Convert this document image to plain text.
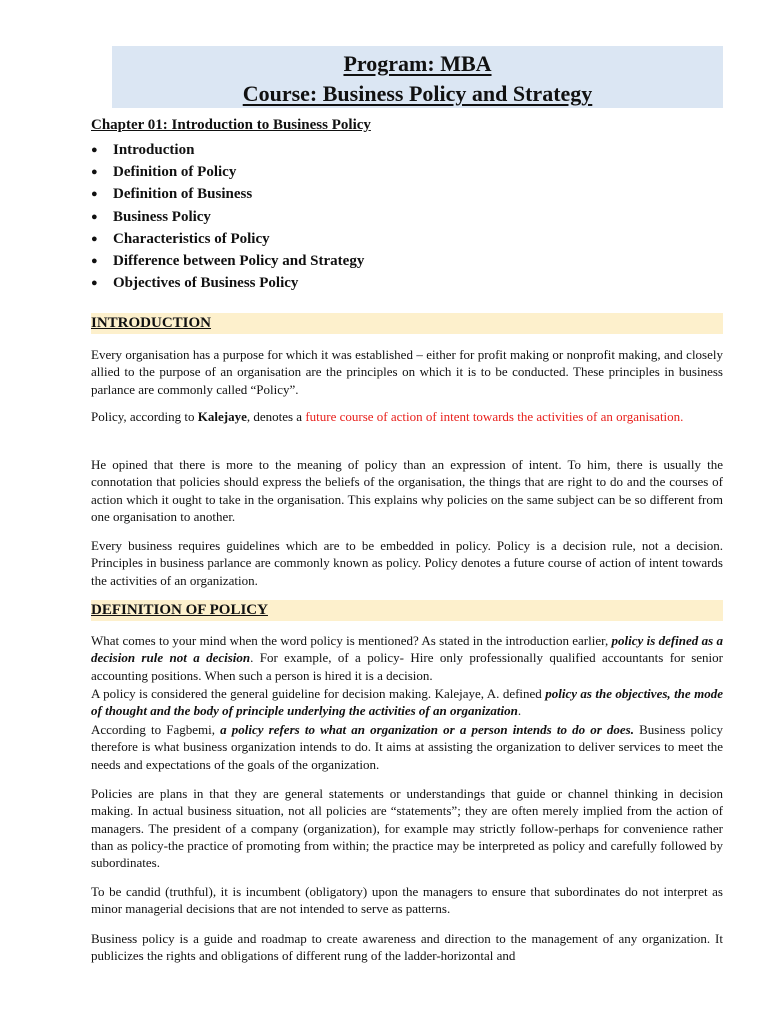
Program: MBA
Course: Business Policy and Strategy
Chapter 01: Introduction to Business Policy
● Introduction
● Definition of Policy
● Definition of Business
● Business Policy
● Characteristics of Policy
● Difference between Policy and Strategy
● Objectives of Business Policy
INTRODUCTION
Every organisation has a purpose for which it was established – either for profit making or nonprofit making, and closely allied to the purpose of an organisation are the principles on which it is to be conducted. These principles in business parlance are commonly called “Policy”.
Policy, according to Kalejaye, denotes a future course of action of intent towards the activities of an organisation.
He opined that there is more to the meaning of policy than an expression of intent. To him, there is usually the connotation that policies should express the beliefs of the organisation, the things that are right to do and the courses of action which it ought to take in the organisation. This explains why policies on the same subject can be so different from one organisation to another.
Every business requires guidelines which are to be embedded in policy. Policy is a decision rule, not a decision. Principles in business parlance are commonly known as policy. Policy denotes a future course of action of intent towards the activities of an organization.
DEFINITION OF POLICY
What comes to your mind when the word policy is mentioned? As stated in the introduction earlier, policy is defined as a decision rule not a decision. For example, of a policy- Hire only professionally qualified accountants for senior accounting positions. When such a person is hired it is a decision.
A policy is considered the general guideline for decision making. Kalejaye, A. defined policy as the objectives, the mode of thought and the body of principle underlying the activities of an organization.
According to Fagbemi, a policy refers to what an organization or a person intends to do or does. Business policy therefore is what business organization intends to do. It aims at assisting the organization to deliver services to meet the needs and expectations of the goals of the organization.
Policies are plans in that they are general statements or understandings that guide or channel thinking in decision making. In actual business situation, not all policies are “statements”; they are often merely implied from the action of managers. The president of a company (organization), for example may strictly follow-perhaps for convenience rather than as policy-the practice of promoting from within; the practice may be interpreted as policy and carefully followed by subordinates.
To be candid (truthful), it is incumbent (obligatory) upon the managers to ensure that subordinates do not interpret as minor managerial decisions that are not intended to serve as patterns.
Business policy is a guide and roadmap to create awareness and direction to the management of any organization. It publicizes the rights and obligations of different rung of the ladder-horizontal and
